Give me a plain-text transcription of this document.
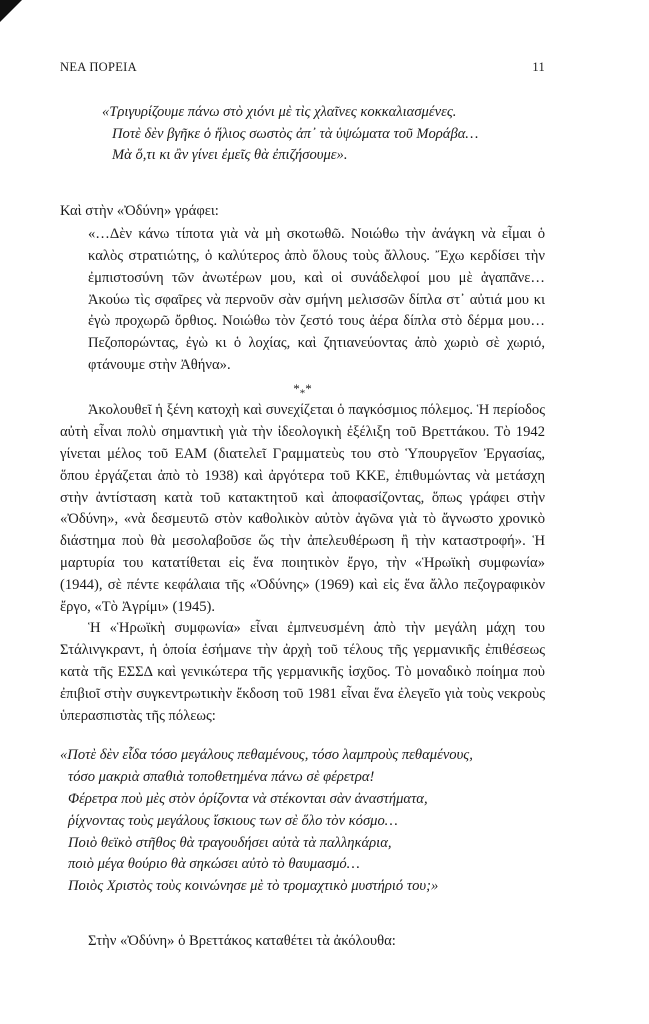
ΝΕΑ ΠΟΡΕΙΑ	11
«Τριγυρίζουμε πάνω στὸ χιόνι μὲ τὶς χλαῖνες κοκκαλιασμένες.
Ποτὲ δὲν βγῆκε ὁ ἥλιος σωστὸς ἀπ᾽ τὰ ὑψώματα τοῦ Μοράβα…
Μὰ ὅ,τι κι ἂν γίνει ἐμεῖς θὰ ἐπιζήσουμε».

Καὶ στὴν «Ὀδύνη» γράφει:

«…Δὲν κάνω τίποτα γιὰ νὰ μὴ σκοτωθῶ. Νοιώθω τὴν ἀνάγκη νὰ εἶμαι ὁ καλὸς στρατιώτης, ὁ καλύτερος ἀπὸ ὅλους τοὺς ἄλλους. Ἔχω κερδίσει τὴν ἐμπιστοσύνη τῶν ἀνωτέρων μου, καὶ οἱ συνάδελφοί μου μὲ ἀγαπᾶνε… Ἀκούω τὶς σφαῖρες νὰ περνοῦν σὰν σμήνη μελισσῶν δίπλα στ᾽ αὐτιά μου κι ἐγὼ προχωρῶ ὄρθιος. Νοιώθω τὸν ζεστό τους ἀέρα δίπλα στὸ δέρμα μου… Πεζοπορώντας, ἐγὼ κι ὁ λοχίας, καὶ ζητιανεύοντας ἀπὸ χωριὸ σὲ χωριό, φτάνουμε στὴν Ἀθήνα».

$*_**$

Ἀκολουθεῖ ἡ ξένη κατοχὴ καὶ συνεχίζεται ὁ παγκόσμιος πόλεμος. Ἡ περίοδος αὐτὴ εἶναι πολὺ σημαντικὴ γιὰ τὴν ἰδεολογικὴ ἐξέλιξη τοῦ Βρεττάκου. Τὸ 1942 γίνεται μέλος τοῦ ΕΑΜ (διατελεῖ Γραμματεὺς του στὸ Ὑπουργεῖον Ἐργασίας, ὅπου ἐργάζεται ἀπὸ τὸ 1938) καὶ ἀργότερα τοῦ ΚΚΕ, ἐπιθυμώντας νὰ μετάσχη στὴν ἀντίσταση κατὰ τοῦ κατακτητοῦ καὶ ἀποφασίζοντας, ὅπως γράφει στὴν «Ὀδύνη», «νὰ δεσμευτῶ στὸν καθολικὸν αὐτὸν ἀγῶνα γιὰ τὸ ἄγνωστο χρονικὸ διάστημα ποὺ θὰ μεσολαβοῦσε ὥς τὴν ἀπελευθέρωση ἢ τὴν καταστροφή». Ἡ μαρτυρία του κατατίθεται εἰς ἕνα ποιητικὸν ἔργο, τὴν «Ἡρωϊκὴ συμφωνία» (1944), σὲ πέντε κεφάλαια τῆς «Ὀδύνης» (1969) καὶ εἰς ἕνα ἄλλο πεζογραφικὸν ἔργο, «Τὸ Ἀγρίμι» (1945).

Ἡ «Ἡρωϊκὴ συμφωνία» εἶναι ἐμπνευσμένη ἀπὸ τὴν μεγάλη μάχη του Στάλινγκραντ, ἡ ὁποία ἐσήμανε τὴν ἀρχὴ τοῦ τέλους τῆς γερμανικῆς ἐπιθέσεως κατὰ τῆς ΕΣΣΔ καὶ γενικώτερα τῆς γερμανικῆς ἰσχῦος. Τὸ μοναδικὸ ποίημα ποὺ ἐπιβιοῖ στὴν συγκεντρωτικὴν ἔκδοση τοῦ 1981 εἶναι ἕνα ἐλεγεῖο γιὰ τοὺς νεκροὺς ὑπερασπιστὰς τῆς πόλεως:

«Ποτὲ δὲν εἶδα τόσο μεγάλους πεθαμένους, τόσο λαμπροὺς πεθαμένους,
τόσο μακριὰ σπαθιὰ τοποθετημένα πάνω σὲ φέρετρα!
Φέρετρα ποὺ μὲς στὸν ὁρίζοντα νὰ στέκονται σὰν ἀναστήματα,
ῥίχνοντας τοὺς μεγάλους ἴσκιους των σὲ ὅλο τὸν κόσμο…
Ποιὸ θεϊκὸ στῆθος θὰ τραγουδήσει αὐτὰ τὰ παλληκάρια,
ποιὸ μέγα θούριο θὰ σηκώσει αὐτὸ τὸ θαυμασμό…
Ποιὸς Χριστὸς τοὺς κοινώνησε μὲ τὸ τρομαχτικὸ μυστήριό του;»

Στὴν «Ὀδύνη» ὁ Βρεττάκος καταθέτει τὰ ἀκόλουθα:
